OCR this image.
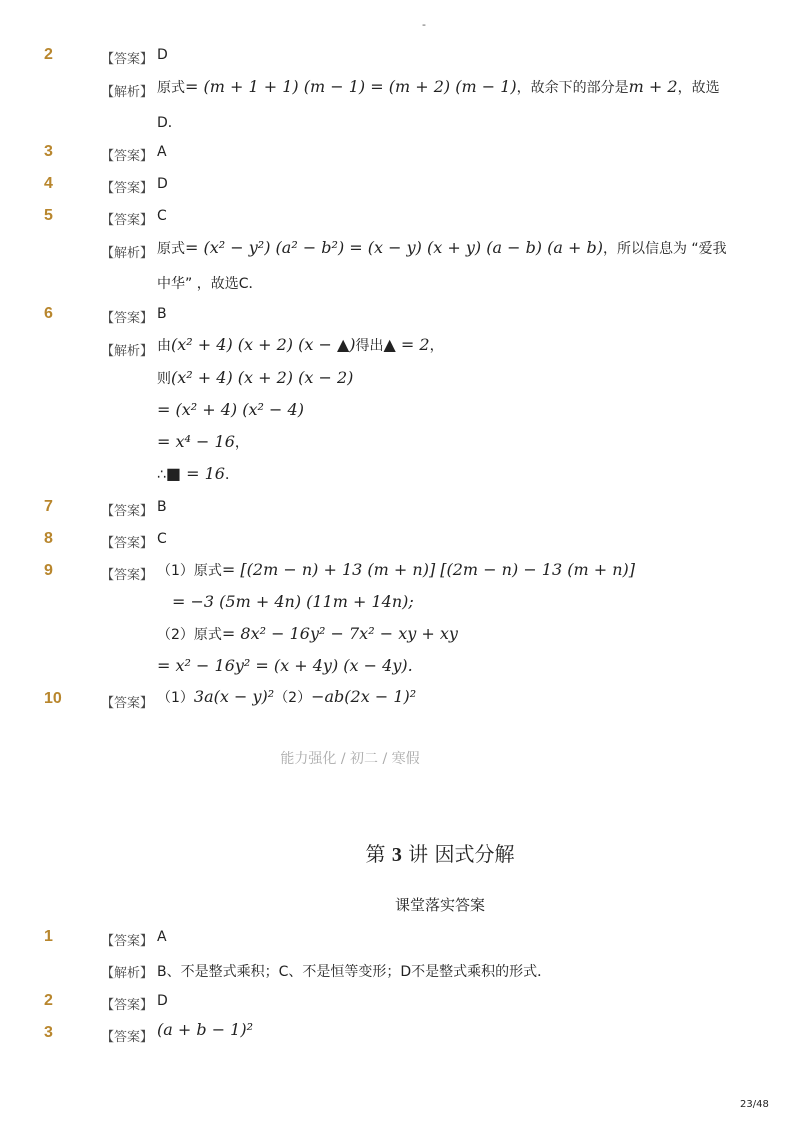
-
2	【答案】 D
【解析】 原式= (m + 1 + 1) (m − 1) = (m + 2) (m − 1)，故余下的部分是m + 2，故选
D．
3	【答案】 A
4	【答案】 D
5	【答案】 C
【解析】 原式= (x² − y²) (a² − b²) = (x − y) (x + y) (a − b) (a + b)，所以信息为 “爱我
中华” ，故选C．
6	【答案】 B
【解析】 由(x² + 4) (x + 2) (x − ▲)得出▲ = 2，
则(x² + 4) (x + 2) (x − 2)
= (x² + 4) (x² − 4)
= x⁴ − 16，
∴■ = 16．
7	【答案】 B
8	【答案】 C
9	【答案】 （1）原式= [(2m − n) + 13 (m + n)] [(2m − n) − 13 (m + n)]
= −3 (5m + 4n) (11m + 14n);
（2）原式= 8x² − 16y² − 7x² − xy + xy
= x² − 16y² = (x + 4y) (x − 4y).
10	【答案】 （1）3a(x − y)²（2）−ab(2x − 1)²
能力强化 / 初二 / 寒假
第 3 讲 因式分解
课堂落实答案
1	【答案】 A
【解析】 B、不是整式乘积；C、不是恒等变形；D不是整式乘积的形式．
2	【答案】 D
3	【答案】 (a + b − 1)²
23/48
